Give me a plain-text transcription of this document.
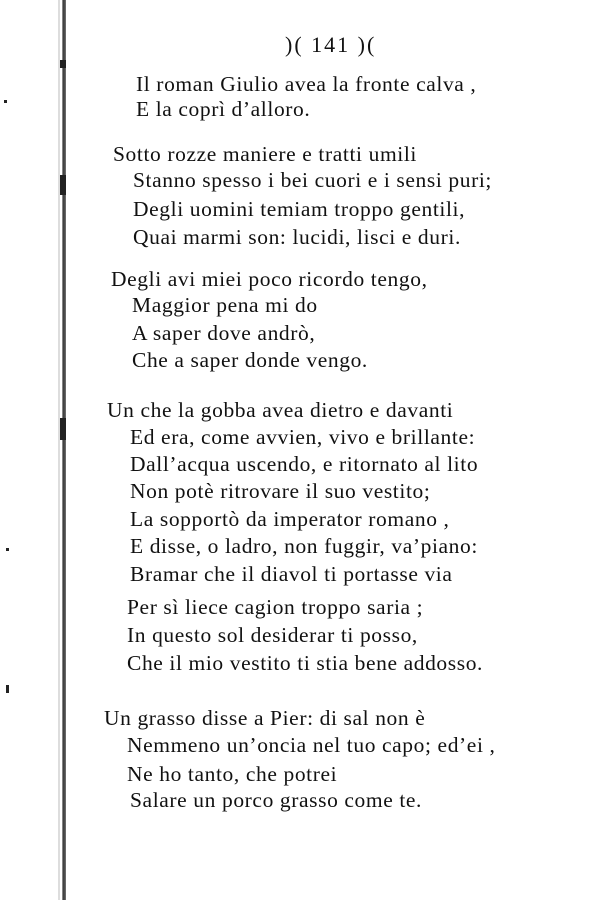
)( 141 )(
Il roman Giulio avea la fronte calva ,
E la coprì d’alloro.
Sotto rozze maniere e tratti umili
Stanno spesso i bei cuori e i sensi puri;
Degli uomini temiam troppo gentili,
Quai marmi son: lucidi, lisci e duri.
Degli avi miei poco ricordo tengo,
Maggior pena mi do
A saper dove andrò,
Che a saper donde vengo.
Un che la gobba avea dietro e davanti
Ed era, come avvien, vivo e brillante:
Dall’acqua uscendo, e ritornato al lito
Non potè ritrovare il suo vestito;
La sopportò da imperator romano ,
E disse, o ladro, non fuggir, va’piano:
Bramar che il diavol ti portasse via
Per sì liece cagion troppo saria ;
In questo sol desiderar ti posso,
Che il mio vestito ti stia bene addosso.
Un grasso disse a Pier: di sal non è
Nemmeno un’oncia nel tuo capo; ed’ei ,
Ne ho tanto, che potrei
Salare un porco grasso come te.
